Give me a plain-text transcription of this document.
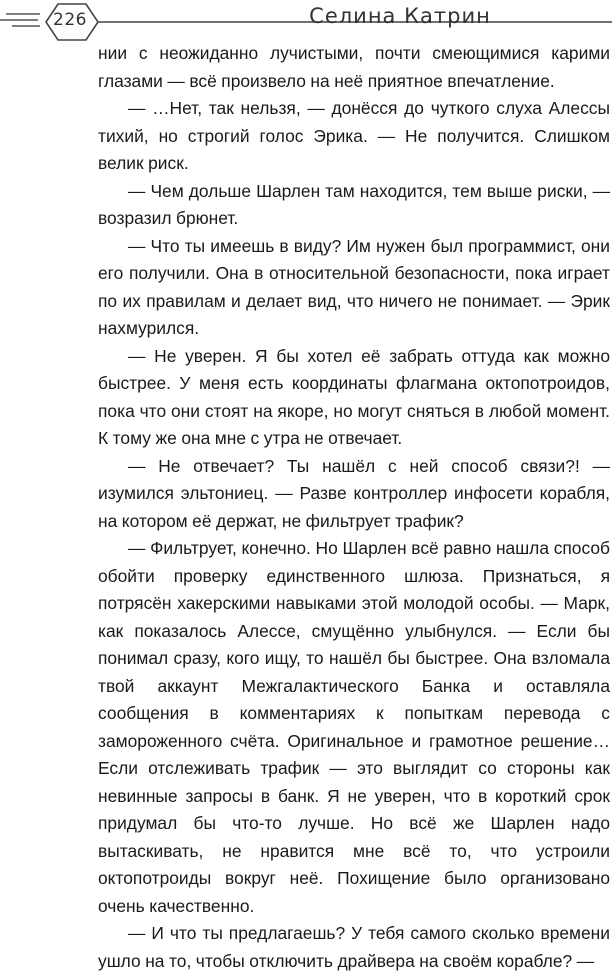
226	Селина Катрин

нии с неожиданно лучистыми, почти смеющимися карими глазами — всё произвело на неё приятное впечатление.

— …Нет, так нельзя, — донёсся до чуткого слуха Алессы тихий, но строгий голос Эрика. — Не получится. Слишком велик риск.

— Чем дольше Шарлен там находится, тем выше риски, — возразил брюнет.

— Что ты имеешь в виду? Им нужен был программист, они его получили. Она в относительной безопасности, пока играет по их правилам и делает вид, что ничего не понимает. — Эрик нахмурился.

— Не уверен. Я бы хотел её забрать оттуда как можно быстрее. У меня есть координаты флагмана октопотроидов, пока что они стоят на якоре, но могут сняться в любой момент. К тому же она мне с утра не отвечает.

— Не отвечает? Ты нашёл с ней способ связи?! — изумился эльтониец. — Разве контроллер инфосети корабля, на котором её держат, не фильтрует трафик?

— Фильтрует, конечно. Но Шарлен всё равно нашла способ обойти проверку единственного шлюза. Признаться, я потрясён хакерскими навыками этой молодой особы. — Марк, как показалось Алессе, смущённо улыбнулся. — Если бы понимал сразу, кого ищу, то нашёл бы быстрее. Она взломала твой аккаунт Межгалактического Банка и оставляла сообщения в комментариях к попыткам перевода с замороженного счёта. Оригинальное и грамотное решение… Если отслеживать трафик — это выглядит со стороны как невинные запросы в банк. Я не уверен, что в короткий срок придумал бы что-то лучше. Но всё же Шарлен надо вытаскивать, не нравится мне всё то, что устроили октопотроиды вокруг неё. Похищение было организовано очень качественно.

— И что ты предлагаешь? У тебя самого сколько времени ушло на то, чтобы отключить драйвера на своём корабле? —
